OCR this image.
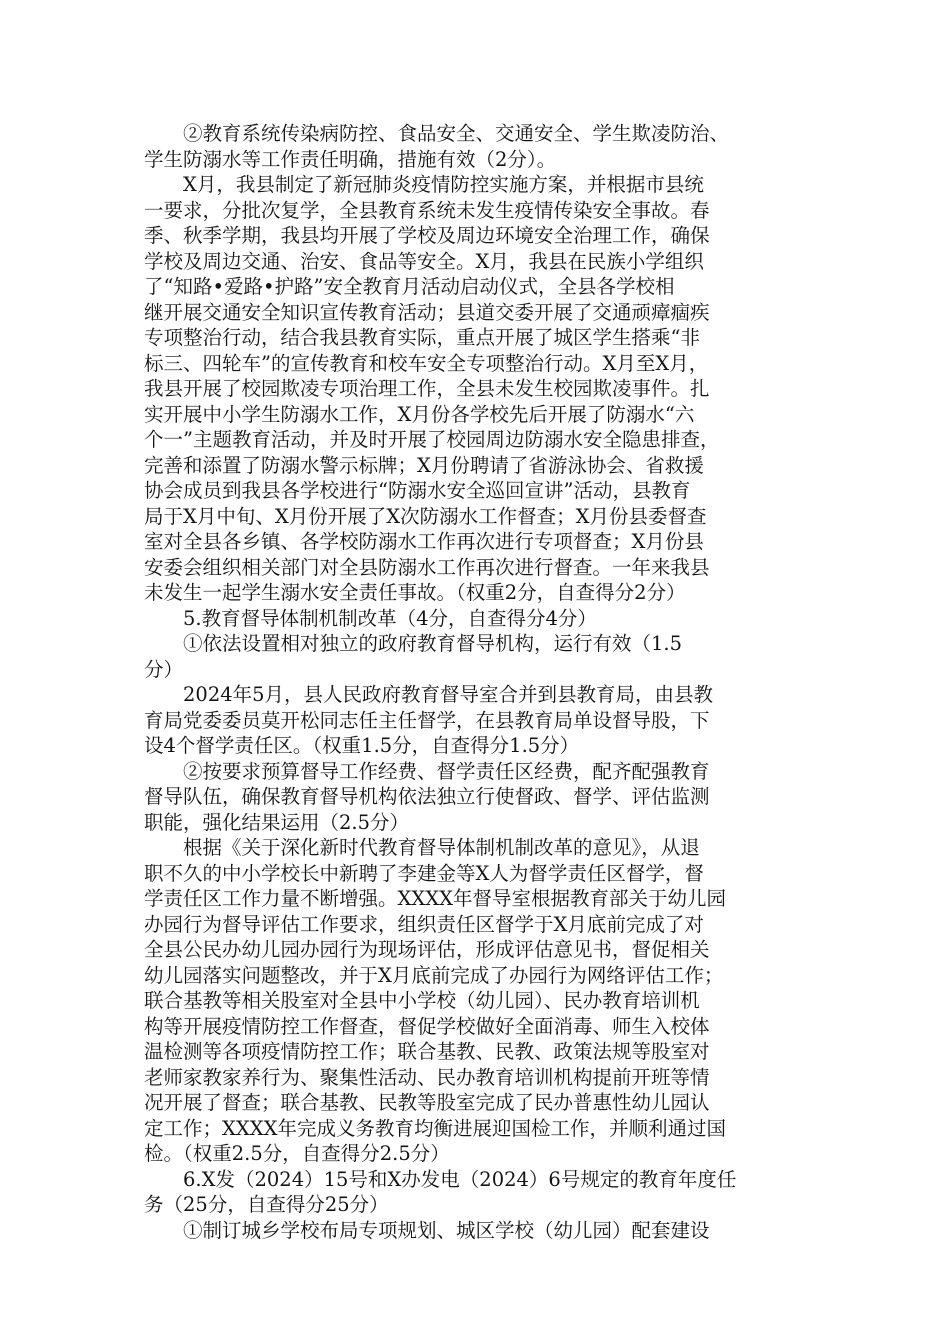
　　②教育系统传染病防控、食品安全、交通安全、学生欺凌防治、
学生防溺水等工作责任明确，措施有效（2分）。
　　X月，我县制定了新冠肺炎疫情防控实施方案，并根据市县统
一要求，分批次复学，全县教育系统未发生疫情传染安全事故。春
季、秋季学期，我县均开展了学校及周边环境安全治理工作，确保
学校及周边交通、治安、食品等安全。X月，我县在民族小学组织
了“知路•爱路•护路”安全教育月活动启动仪式，全县各学校相
继开展交通安全知识宣传教育活动；县道交委开展了交通顽瘴痼疾
专项整治行动，结合我县教育实际，重点开展了城区学生搭乘“非
标三、四轮车”的宣传教育和校车安全专项整治行动。X月至X月，
我县开展了校园欺凌专项治理工作，全县未发生校园欺凌事件。扎
实开展中小学生防溺水工作，X月份各学校先后开展了防溺水“六
个一”主题教育活动，并及时开展了校园周边防溺水安全隐患排查，
完善和添置了防溺水警示标牌；X月份聘请了省游泳协会、省救援
协会成员到我县各学校进行“防溺水安全巡回宣讲”活动，县教育
局于X月中旬、X月份开展了X次防溺水工作督查；X月份县委督查
室对全县各乡镇、各学校防溺水工作再次进行专项督查；X月份县
安委会组织相关部门对全县防溺水工作再次进行督查。一年来我县
未发生一起学生溺水安全责任事故。（权重2分，自查得分2分）
　　5.教育督导体制机制改革（4分，自查得分4分）
　　①依法设置相对独立的政府教育督导机构，运行有效（1.5
分）
　　2024年5月，县人民政府教育督导室合并到县教育局，由县教
育局党委委员莫开松同志任主任督学，在县教育局单设督导股，下
设4个督学责任区。（权重1.5分，自查得分1.5分）
　　②按要求预算督导工作经费、督学责任区经费，配齐配强教育
督导队伍，确保教育督导机构依法独立行使督政、督学、评估监测
职能，强化结果运用（2.5分）
　　根据《关于深化新时代教育督导体制机制改革的意见》，从退
职不久的中小学校长中新聘了李建金等X人为督学责任区督学，督
学责任区工作力量不断增强。XXXX年督导室根据教育部关于幼儿园
办园行为督导评估工作要求，组织责任区督学于X月底前完成了对
全县公民办幼儿园办园行为现场评估，形成评估意见书，督促相关
幼儿园落实问题整改，并于X月底前完成了办园行为网络评估工作；
联合基教等相关股室对全县中小学校（幼儿园）、民办教育培训机
构等开展疫情防控工作督查，督促学校做好全面消毒、师生入校体
温检测等各项疫情防控工作；联合基教、民教、政策法规等股室对
老师家教家养行为、聚集性活动、民办教育培训机构提前开班等情
况开展了督查；联合基教、民教等股室完成了民办普惠性幼儿园认
定工作；XXXX年完成义务教育均衡进展迎国检工作，并顺利通过国
检。（权重2.5分，自查得分2.5分）
　　6.X发（2024）15号和X办发电（2024）6号规定的教育年度任
务（25分，自查得分25分）
　　①制订城乡学校布局专项规划、城区学校（幼儿园）配套建设
